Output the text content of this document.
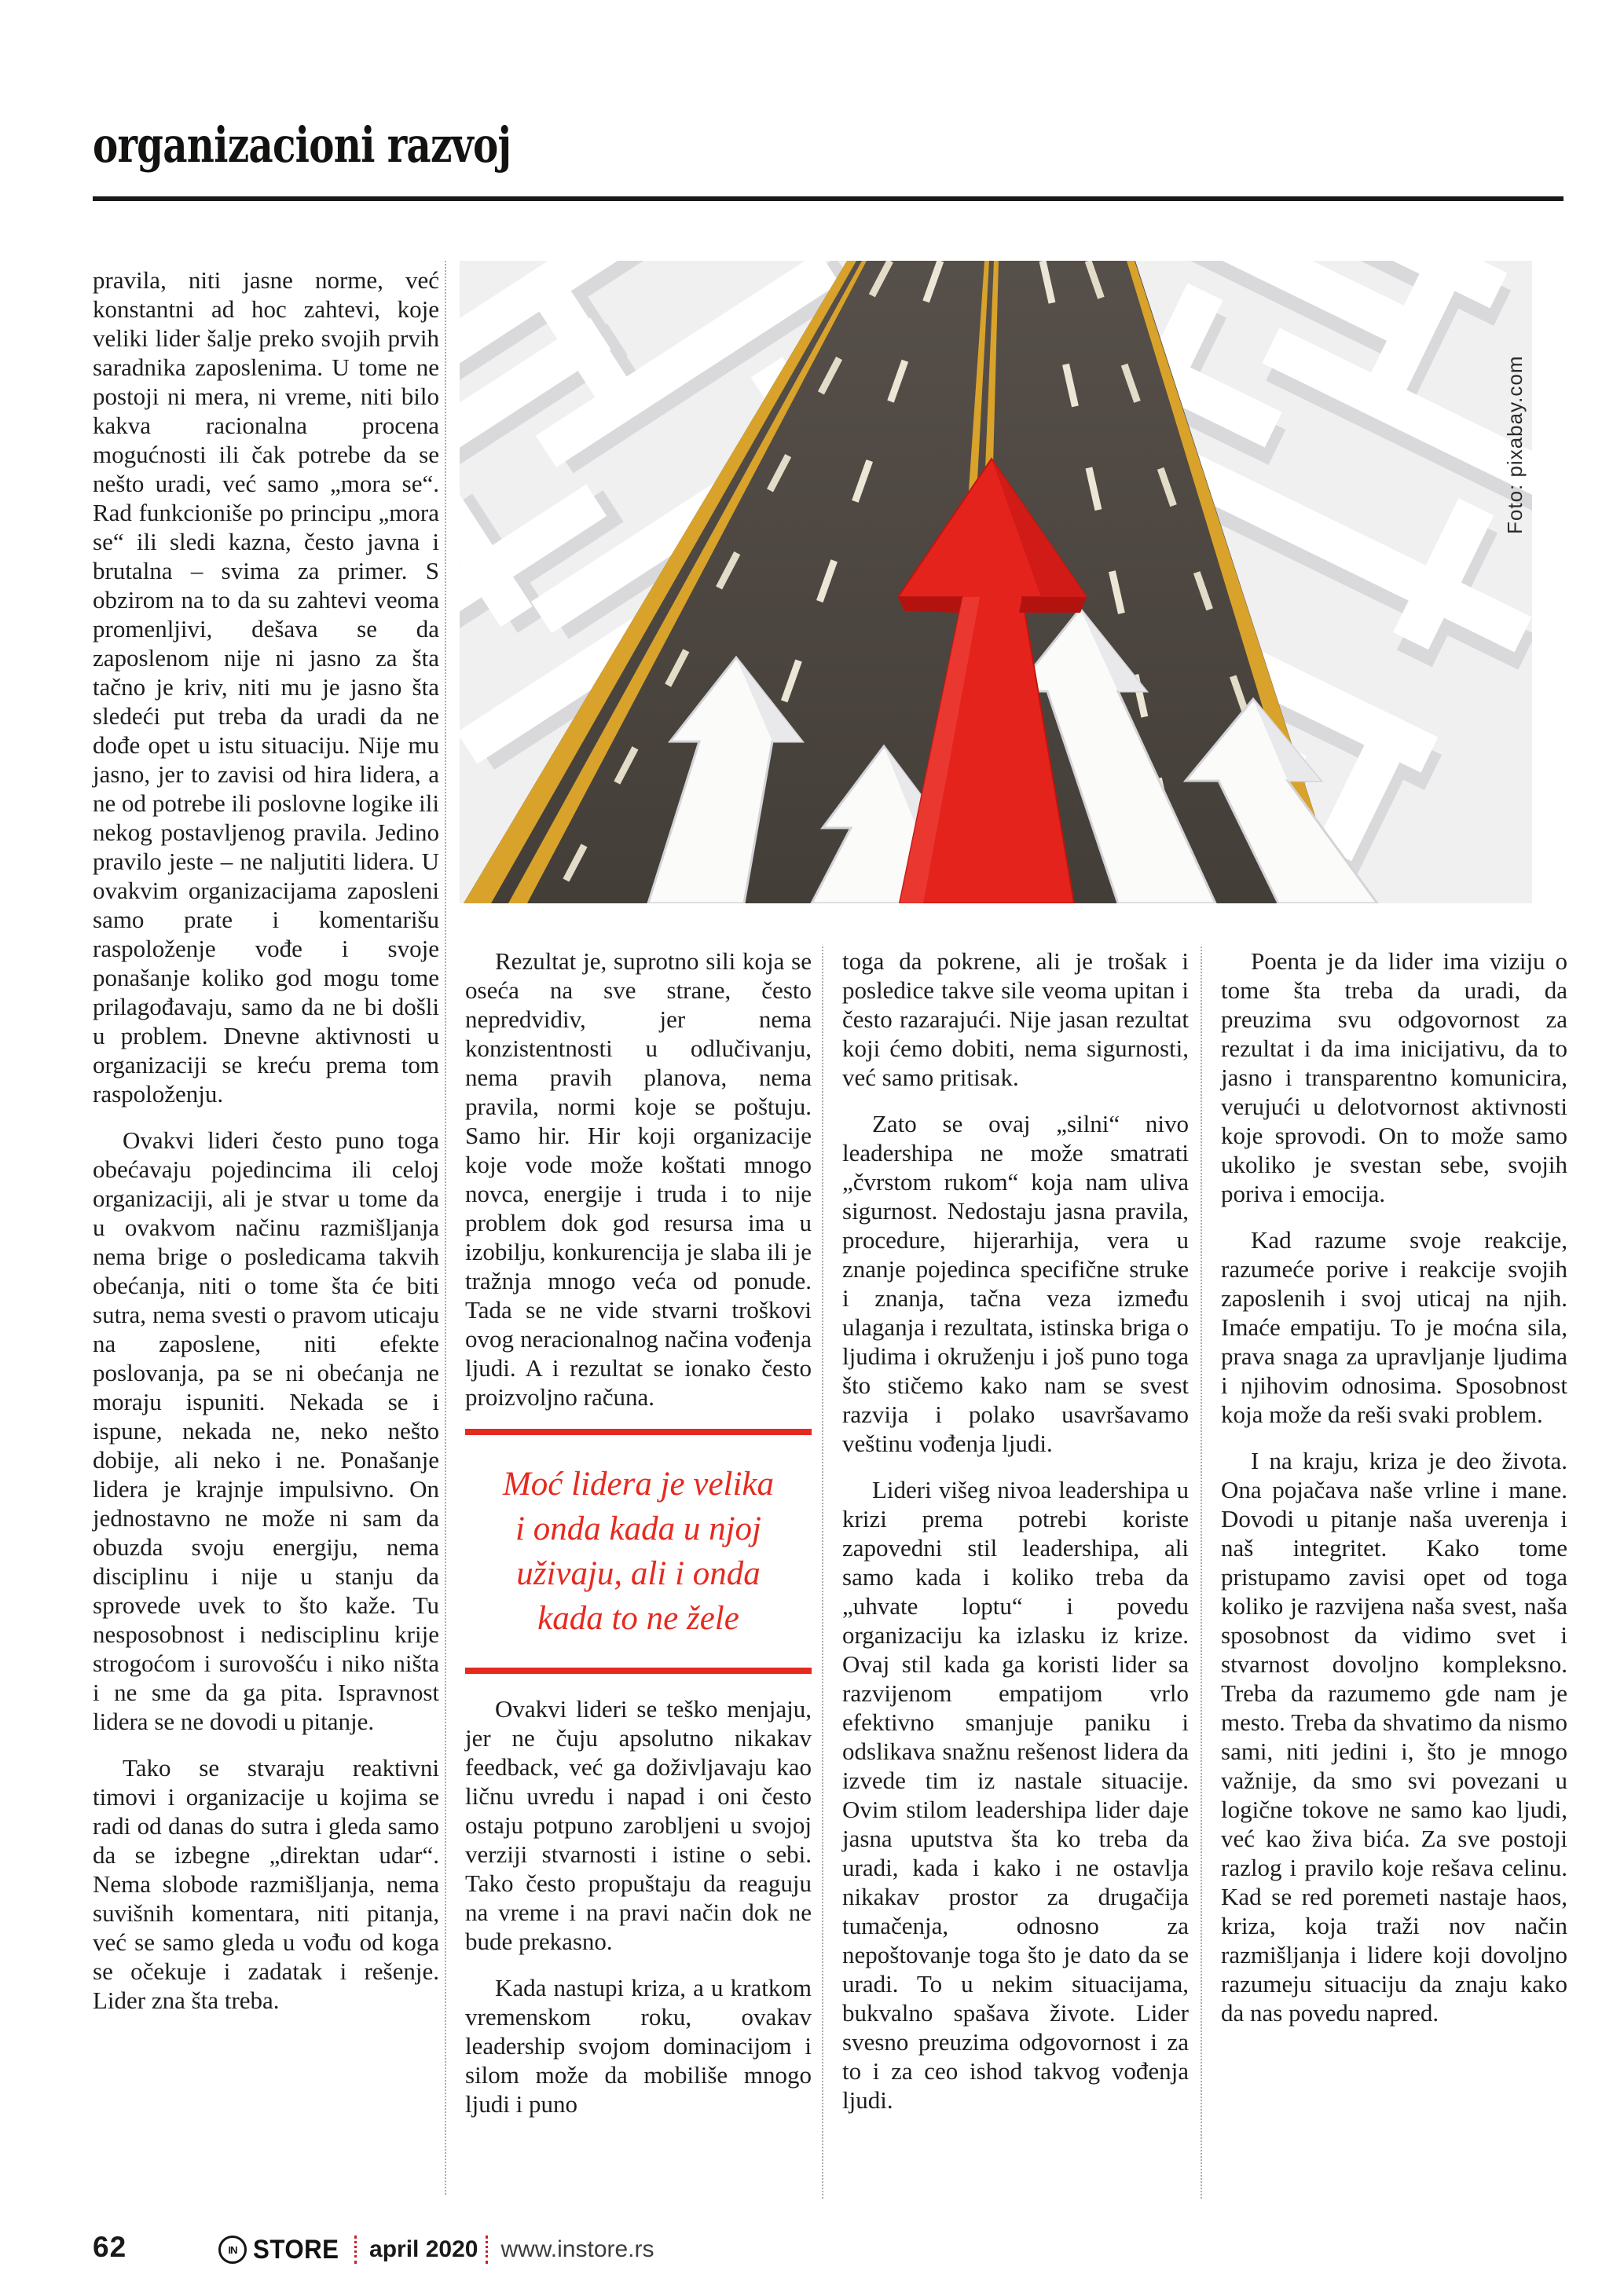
organizacioni razvoj
Foto: pixabay.com

pravila, niti jasne norme, već konstantni ad hoc zahtevi, koje veliki lider šalje preko svojih prvih saradnika zaposlenima. U tome ne postoji ni mera, ni vreme, niti bilo kakva racionalna procena mogućnosti ili čak potrebe da se nešto uradi, već samo „mora se“. Rad funkcioniše po principu „mora se“ ili sledi kazna, često javna i brutalna – svima za primer. S obzirom na to da su zahtevi veoma promenljivi, dešava se da zaposlenom nije ni jasno za šta tačno je kriv, niti mu je jasno šta sledeći put treba da uradi da ne dođe opet u istu situaciju. Nije mu jasno, jer to zavisi od hira lidera, a ne od potrebe ili poslovne logike ili nekog postavljenog pravila. Jedino pravilo jeste – ne naljutiti lidera. U ovakvim organizacijama zaposleni samo prate i komentarišu raspoloženje vođe i svoje ponašanje koliko god mogu tome prilagođavaju, samo da ne bi došli u problem. Dnevne aktivnosti u organizaciji se kreću prema tom raspoloženju.

Ovakvi lideri često puno toga obećavaju pojedincima ili celoj organizaciji, ali je stvar u tome da u ovakvom načinu razmišljanja nema brige o posledicama takvih obećanja, niti o tome šta će biti sutra, nema svesti o pravom uticaju na zaposlene, niti efekte poslovanja, pa se ni obećanja ne moraju ispuniti. Nekada se i ispune, nekada ne, neko nešto dobije, ali neko i ne. Ponašanje lidera je krajnje impulsivno. On jednostavno ne može ni sam da obuzda svoju energiju, nema disciplinu i nije u stanju da sprovede uvek to što kaže. Tu nesposobnost i nedisciplinu krije strogoćom i surovošću i niko ništa i ne sme da ga pita. Ispravnost lidera se ne dovodi u pitanje.

Tako se stvaraju reaktivni timovi i organizacije u kojima se radi od danas do sutra i gleda samo da se izbegne „direktan udar“. Nema slobode razmišljanja, nema suvišnih komentara, niti pitanja, već se samo gleda u vođu od koga se očekuje i zadatak i rešenje. Lider zna šta treba.

Rezultat je, suprotno sili koja se oseća na sve strane, često nepredvidiv, jer nema konzistentnosti u odlučivanju, nema pravih planova, nema pravila, normi koje se poštuju. Samo hir. Hir koji organizacije koje vode može koštati mnogo novca, energije i truda i to nije problem dok god resursa ima u izobilju, konkurencija je slaba ili je tražnja mnogo veća od ponude. Tada se ne vide stvarni troškovi ovog neracionalnog načina vođenja ljudi. A i rezultat se ionako često proizvoljno računa.

Moć lidera je velika
i onda kada u njoj
uživaju, ali i onda
kada to ne žele

Ovakvi lideri se teško menjaju, jer ne čuju apsolutno nikakav feedback, već ga doživljavaju kao ličnu uvredu i napad i oni često ostaju potpuno zarobljeni u svojoj verziji stvarnosti i istine o sebi. Tako često propuštaju da reaguju na vreme i na pravi način dok ne bude prekasno.

Kada nastupi kriza, a u kratkom vremenskom roku, ovakav leadership svojom dominacijom i silom može da mobiliše mnogo ljudi i puno

toga da pokrene, ali je trošak i posledice takve sile veoma upitan i često razarajući. Nije jasan rezultat koji ćemo dobiti, nema sigurnosti, već samo pritisak.

Zato se ovaj „silni“ nivo leadershipa ne može smatrati „čvrstom rukom“ koja nam uliva sigurnost. Nedostaju jasna pravila, procedure, hijerarhija, vera u znanje pojedinca specifične struke i znanja, tačna veza između ulaganja i rezultata, istinska briga o ljudima i okruženju i još puno toga što stičemo kako nam se svest razvija i polako usavršavamo veštinu vođenja ljudi.

Lideri višeg nivoa leadershipa u krizi prema potrebi koriste zapovedni stil leadershipa, ali samo kada i koliko treba da „uhvate loptu“ i povedu organizaciju ka izlasku iz krize. Ovaj stil kada ga koristi lider sa razvijenom empatijom vrlo efektivno smanjuje paniku i odslikava snažnu rešenost lidera da izvede tim iz nastale situacije. Ovim stilom leadershipa lider daje jasna uputstva šta ko treba da uradi, kada i kako i ne ostavlja nikakav prostor za drugačija tumačenja, odnosno za nepoštovanje toga što je dato da se uradi. To u nekim situacijama, bukvalno spašava živote. Lider svesno preuzima odgovornost i za to i za ceo ishod takvog vođenja ljudi.

Poenta je da lider ima viziju o tome šta treba da uradi, da preuzima svu odgovornost za rezultat i da ima inicijativu, da to jasno i transparentno komunicira, verujući u delotvornost aktivnosti koje sprovodi. On to može samo ukoliko je svestan sebe, svojih poriva i emocija.

Kad razume svoje reakcije, razumeće porive i reakcije svojih zaposlenih i svoj uticaj na njih. Imaće empatiju. To je moćna sila, prava snaga za upravljanje ljudima i njihovim odnosima. Sposobnost koja može da reši svaki problem.

I na kraju, kriza je deo života. Ona pojačava naše vrline i mane. Dovodi u pitanje naša uverenja i naš integritet. Kako tome pristupamo zavisi opet od toga koliko je razvijena naša svest, naša sposobnost da vidimo svet i stvarnost dovoljno kompleksno. Treba da razumemo gde nam je mesto. Treba da shvatimo da nismo sami, niti jedini i, što je mnogo važnije, da smo svi povezani u logične tokove ne samo kao ljudi, već kao živa bića. Za sve postoji razlog i pravilo koje rešava celinu. Kad se red poremeti nastaje haos, kriza, koja traži nov način razmišljanja i lidere koji dovoljno razumeju situaciju da znaju kako da nas povedu napred.

62	IN STORE april 2020 www.instore.rs
